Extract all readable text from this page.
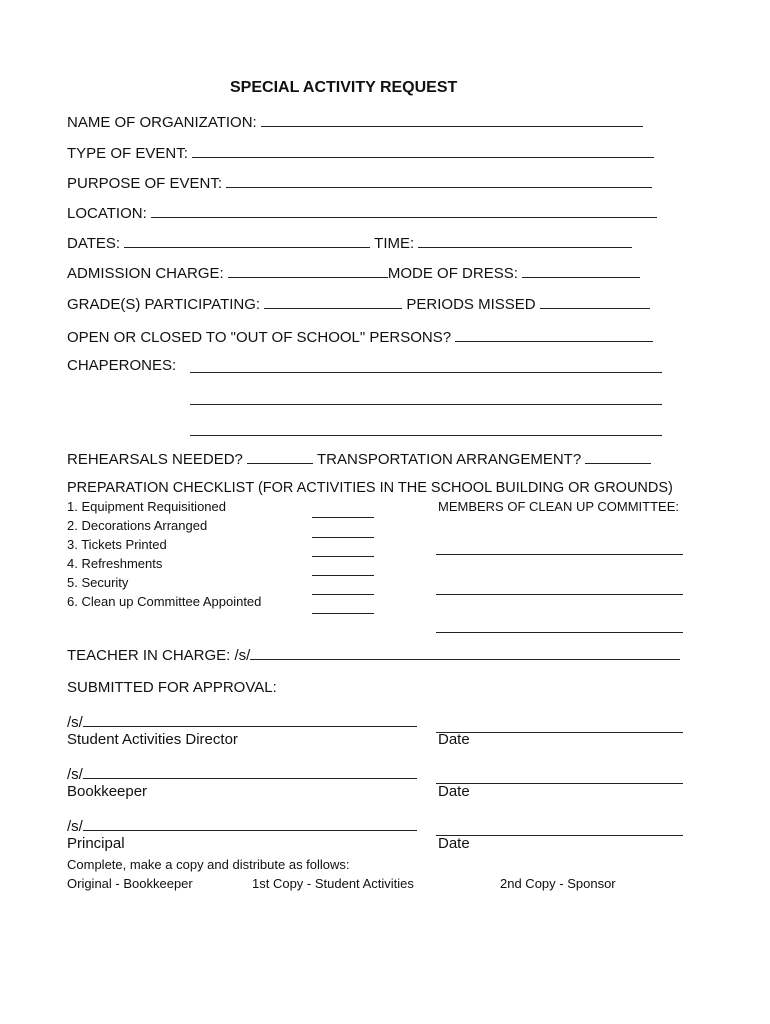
SPECIAL ACTIVITY REQUEST
NAME OF ORGANIZATION:
TYPE OF EVENT:
PURPOSE OF EVENT:
LOCATION:
DATES:	TIME:
ADMISSION CHARGE:	MODE OF DRESS:
GRADE(S) PARTICIPATING:	PERIODS MISSED
OPEN OR CLOSED TO "OUT OF SCHOOL" PERSONS?
CHAPERONES:
REHEARSALS NEEDED?	TRANSPORTATION ARRANGEMENT?
PREPARATION CHECKLIST (FOR ACTIVITIES IN THE SCHOOL BUILDING OR GROUNDS)
1. Equipment Requisitioned
2. Decorations Arranged
3. Tickets Printed
4. Refreshments
5. Security
6. Clean up Committee Appointed
MEMBERS OF CLEAN UP COMMITTEE:
TEACHER IN CHARGE: /s/
SUBMITTED FOR APPROVAL:
/s/
Student Activities Director	Date
/s/
Bookkeeper	Date
/s/
Principal	Date
Complete, make a copy and distribute as follows:
Original - Bookkeeper	1st Copy - Student Activities	2nd Copy - Sponsor
